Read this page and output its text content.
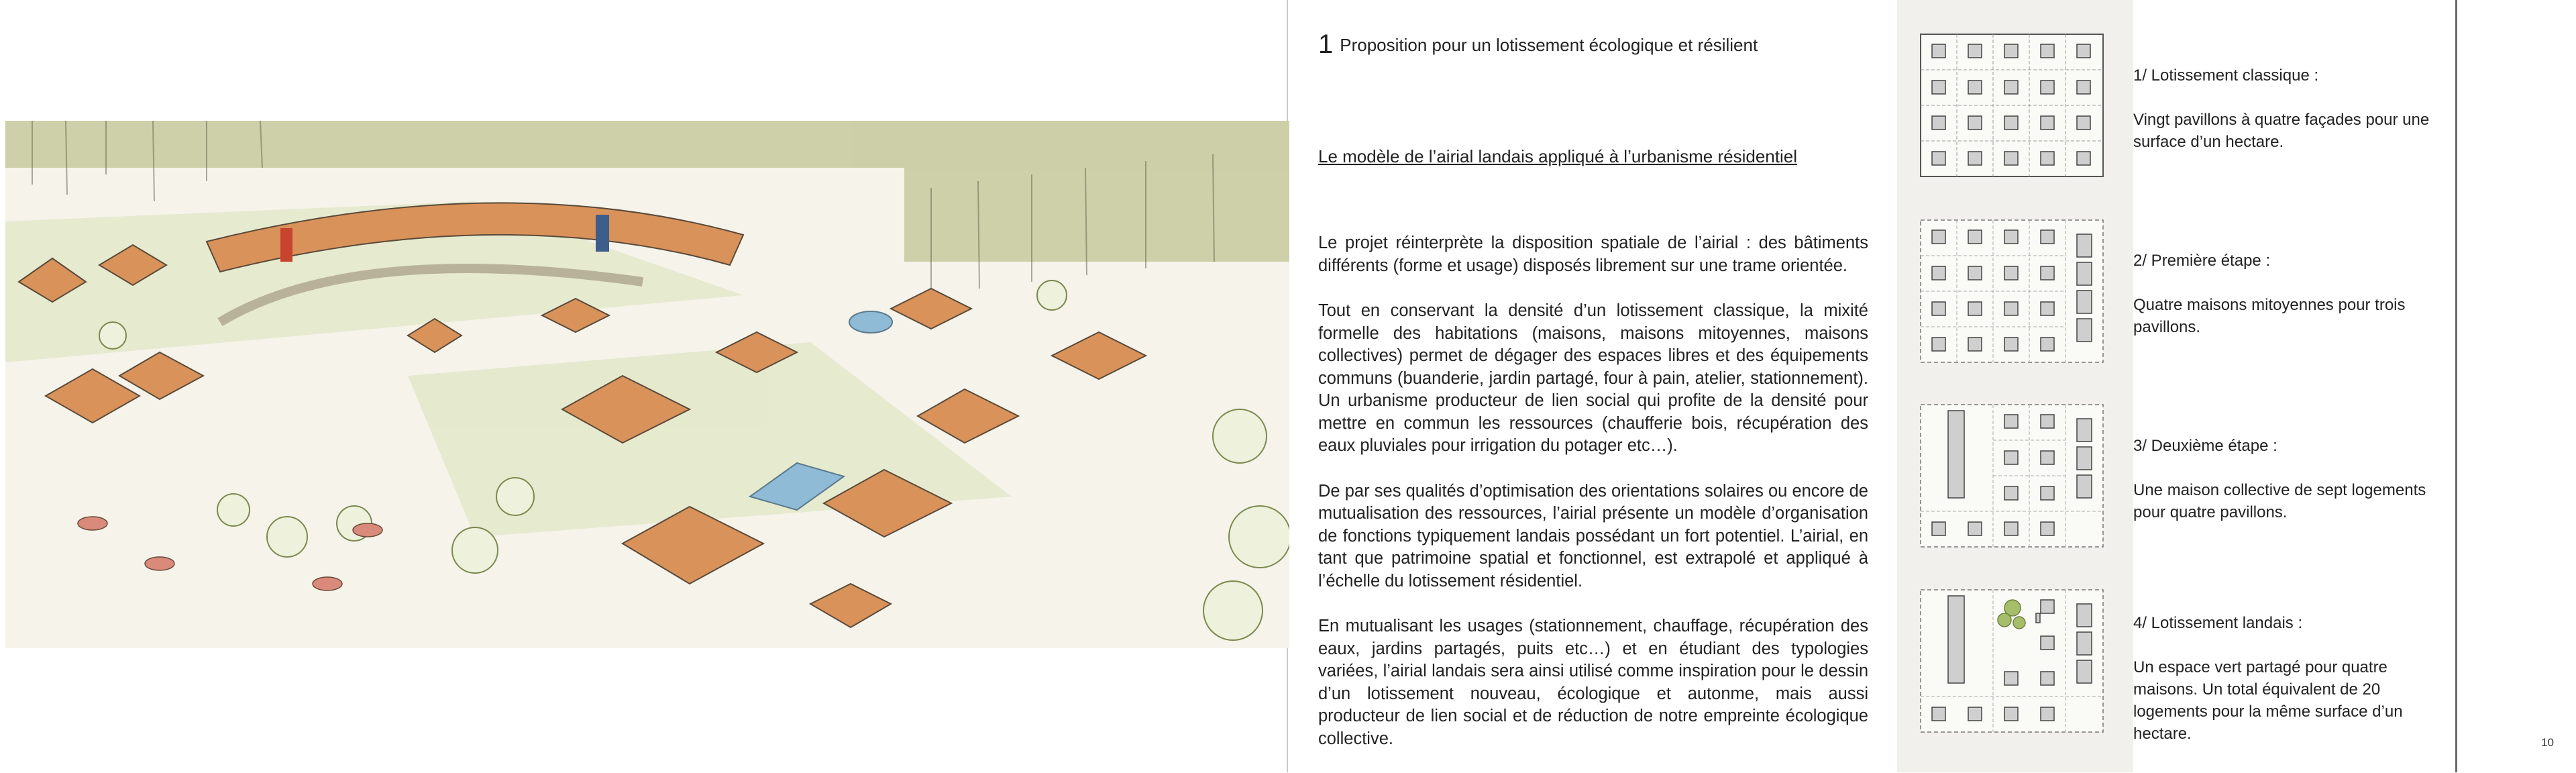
1 Proposition pour un lotissement écologique et résilient
Le modèle de l’airial landais appliqué à l’urbanisme résidentiel

Le projet réinterprète la disposition spatiale de l’airial : des bâtiments différents (forme et usage) disposés librement sur une trame orientée.

Tout en conservant la densité d’un lotissement classique, la mixité formelle des habitations (maisons, maisons mitoyennes, maisons collectives) permet de dégager des espaces libres et des équipements communs (buanderie, jardin partagé, four à pain, atelier, stationnement). Un urbanisme producteur de lien social qui profite de la densité pour mettre en commun les ressources (chaufferie bois, récupération des eaux pluviales pour irrigation du potager etc…).

De par ses qualités d’optimisation des orientations solaires ou encore de mutualisation des ressources, l’airial présente un modèle d’organisation de fonctions typiquement landais possédant un fort potentiel. L’airial, en tant que patrimoine spatial et fonctionnel, est extrapolé et appliqué à l’échelle du lotissement résidentiel.

En mutualisant les usages (stationnement, chauffage, récupération des eaux, jardins partagés, puits etc…) et en étudiant des typologies variées, l’airial landais sera ainsi utilisé comme inspiration pour le dessin d’un lotissement nouveau, écologique et autonme, mais aussi producteur de lien social et de réduction de notre empreinte écologique collective.

1/ Lotissement classique :
Vingt pavillons à quatre façades pour une surface d’un hectare.
2/ Première étape :
Quatre maisons mitoyennes pour trois pavillons.
3/ Deuxième étape :
Une maison collective de sept logements pour quatre pavillons.
4/ Lotissement landais :
Un espace vert partagé pour quatre maisons. Un total équivalent de 20 logements pour la même surface d’un hectare.	10
